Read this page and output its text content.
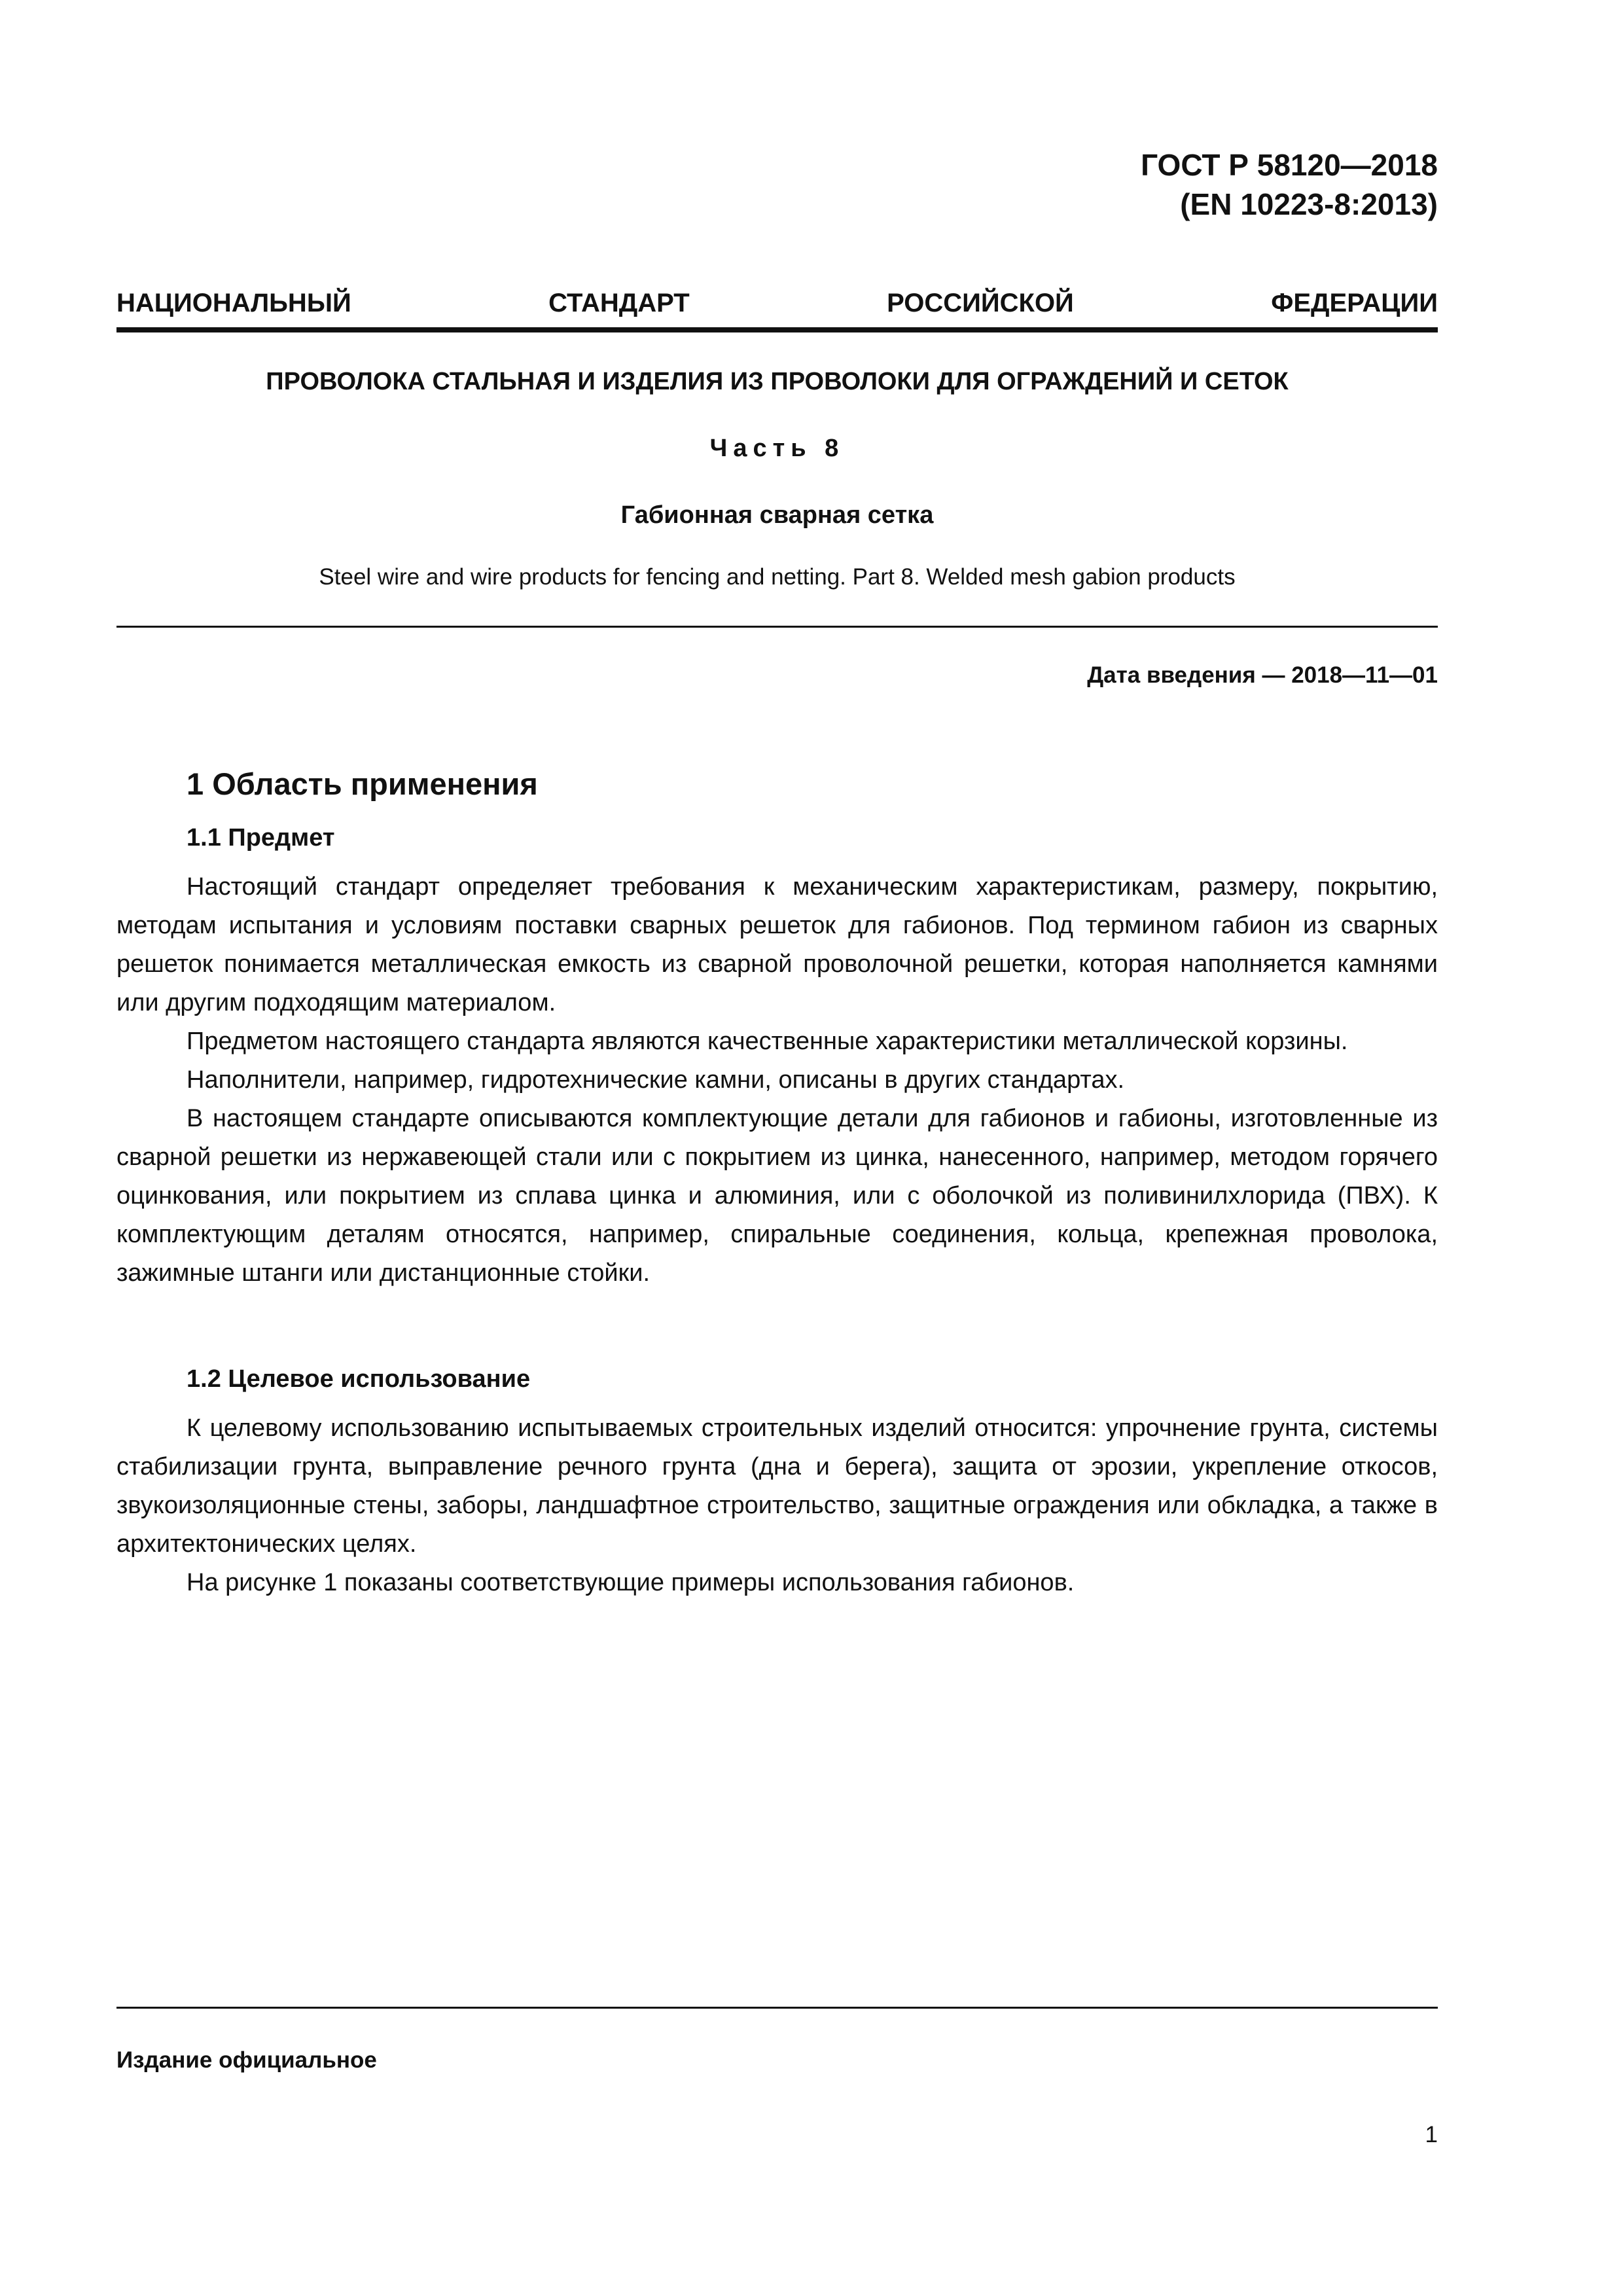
ГОСТ Р 58120—2018
(EN 10223-8:2013)
НАЦИОНАЛЬНЫЙ СТАНДАРТ РОССИЙСКОЙ ФЕДЕРАЦИИ
ПРОВОЛОКА СТАЛЬНАЯ И ИЗДЕЛИЯ ИЗ ПРОВОЛОКИ ДЛЯ ОГРАЖДЕНИЙ И СЕТОК
Часть 8
Габионная сварная сетка
Steel wire and wire products for fencing and netting. Part 8. Welded mesh gabion products
Дата введения — 2018—11—01
1 Область применения
1.1 Предмет

Настоящий стандарт определяет требования к механическим характеристикам, размеру, покрытию, методам испытания и условиям поставки сварных решеток для габионов. Под термином габион из сварных решеток понимается металлическая емкость из сварной проволочной решетки, которая наполняется камнями или другим подходящим материалом.

Предметом настоящего стандарта являются качественные характеристики металлической корзины.

Наполнители, например, гидротехнические камни, описаны в других стандартах.

В настоящем стандарте описываются комплектующие детали для габионов и габионы, изготовленные из сварной решетки из нержавеющей стали или с покрытием из цинка, нанесенного, например, методом горячего оцинкования, или покрытием из сплава цинка и алюминия, или с оболочкой из поливинилхлорида (ПВХ). К комплектующим деталям относятся, например, спиральные соединения, кольца, крепежная проволока, зажимные штанги или дистанционные стойки.

1.2 Целевое использование

К целевому использованию испытываемых строительных изделий относится: упрочнение грунта, системы стабилизации грунта, выправление речного грунта (дна и берега), защита от эрозии, укрепление откосов, звукоизоляционные стены, заборы, ландшафтное строительство, защитные ограждения или обкладка, а также в архитектонических целях.

На рисунке 1 показаны соответствующие примеры использования габионов.

Издание официальное
1
